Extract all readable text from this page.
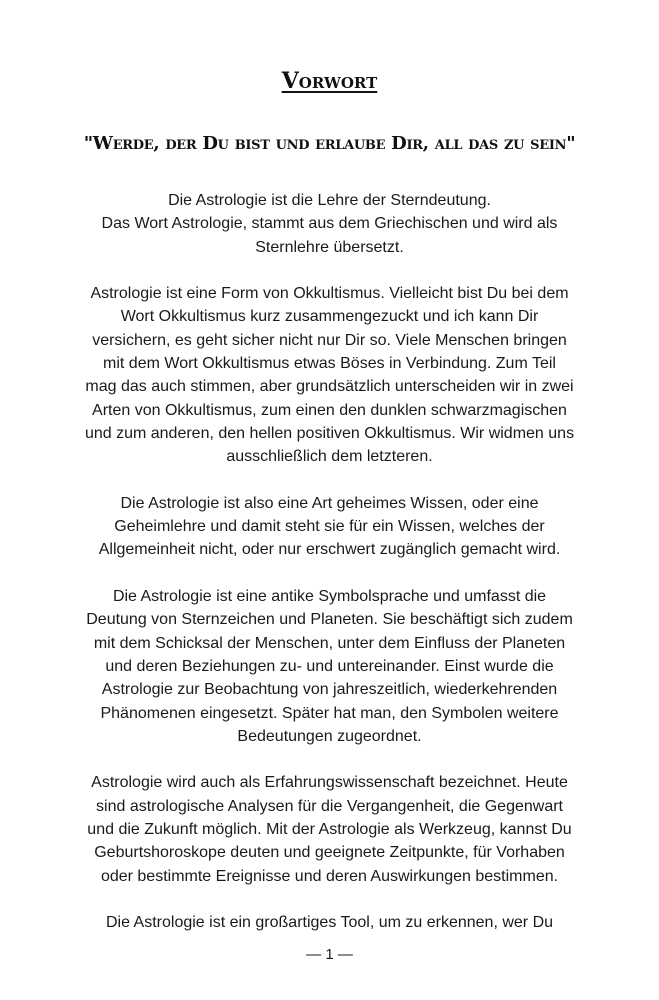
Vorwort
"Werde, der Du bist und erlaube Dir, all das zu sein"

Die Astrologie ist die Lehre der Sterndeutung.
Das Wort Astrologie, stammt aus dem Griechischen und wird als
Sternlehre übersetzt.

Astrologie ist eine Form von Okkultismus. Vielleicht bist Du bei dem
Wort Okkultismus kurz zusammengezuckt und ich kann Dir
versichern, es geht sicher nicht nur Dir so. Viele Menschen bringen
mit dem Wort Okkultismus etwas Böses in Verbindung. Zum Teil
mag das auch stimmen, aber grundsätzlich unterscheiden wir in zwei
Arten von Okkultismus, zum einen den dunklen schwarzmagischen
und zum anderen, den hellen positiven Okkultismus. Wir widmen uns
ausschließlich dem letzteren.

Die Astrologie ist also eine Art geheimes Wissen, oder eine
Geheimlehre und damit steht sie für ein Wissen, welches der
Allgemeinheit nicht, oder nur erschwert zugänglich gemacht wird.

Die Astrologie ist eine antike Symbolsprache und umfasst die
Deutung von Sternzeichen und Planeten. Sie beschäftigt sich zudem
mit dem Schicksal der Menschen, unter dem Einfluss der Planeten
und deren Beziehungen zu- und untereinander. Einst wurde die
Astrologie zur Beobachtung von jahreszeitlich, wiederkehrenden
Phänomenen eingesetzt. Später hat man, den Symbolen weitere
Bedeutungen zugeordnet.

Astrologie wird auch als Erfahrungswissenschaft bezeichnet. Heute
sind astrologische Analysen für die Vergangenheit, die Gegenwart
und die Zukunft möglich. Mit der Astrologie als Werkzeug, kannst Du
Geburtshoroskope deuten und geeignete Zeitpunkte, für Vorhaben
oder bestimmte Ereignisse und deren Auswirkungen bestimmen.

Die Astrologie ist ein großartiges Tool, um zu erkennen, wer Du

— 1 —
